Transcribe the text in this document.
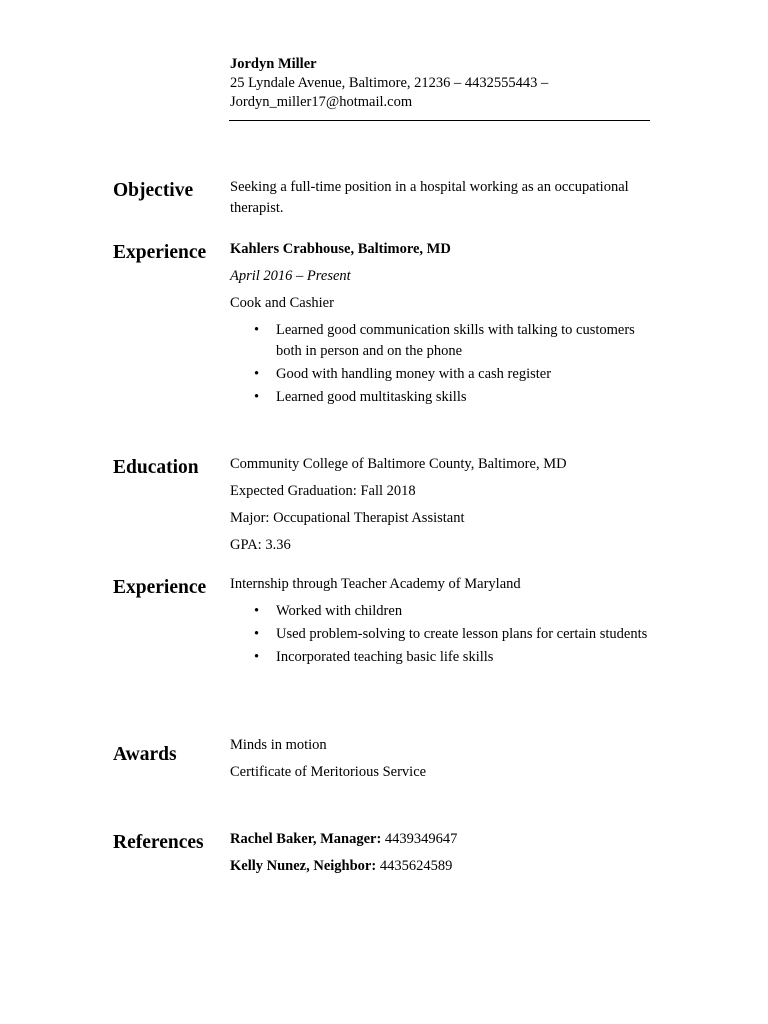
Jordyn Miller
25 Lyndale Avenue, Baltimore, 21236 – 4432555443 –
Jordyn_miller17@hotmail.com
Objective	Seeking a full-time position in a hospital working as an occupational therapist.
Experience Kahlers Crabhouse, Baltimore, MD
April 2016 – Present
Cook and Cashier
• Learned good communication skills with talking to customers both in person and on the phone
• Good with handling money with a cash register
• Learned good multitasking skills
Education Community College of Baltimore County, Baltimore, MD
Expected Graduation: Fall 2018
Major: Occupational Therapist Assistant
GPA: 3.36
Experience Internship through Teacher Academy of Maryland
• Worked with children
• Used problem-solving to create lesson plans for certain students
• Incorporated teaching basic life skills
Awards	Minds in motion
Certificate of Meritorious Service
References Rachel Baker, Manager: 4439349647
Kelly Nunez, Neighbor: 4435624589
